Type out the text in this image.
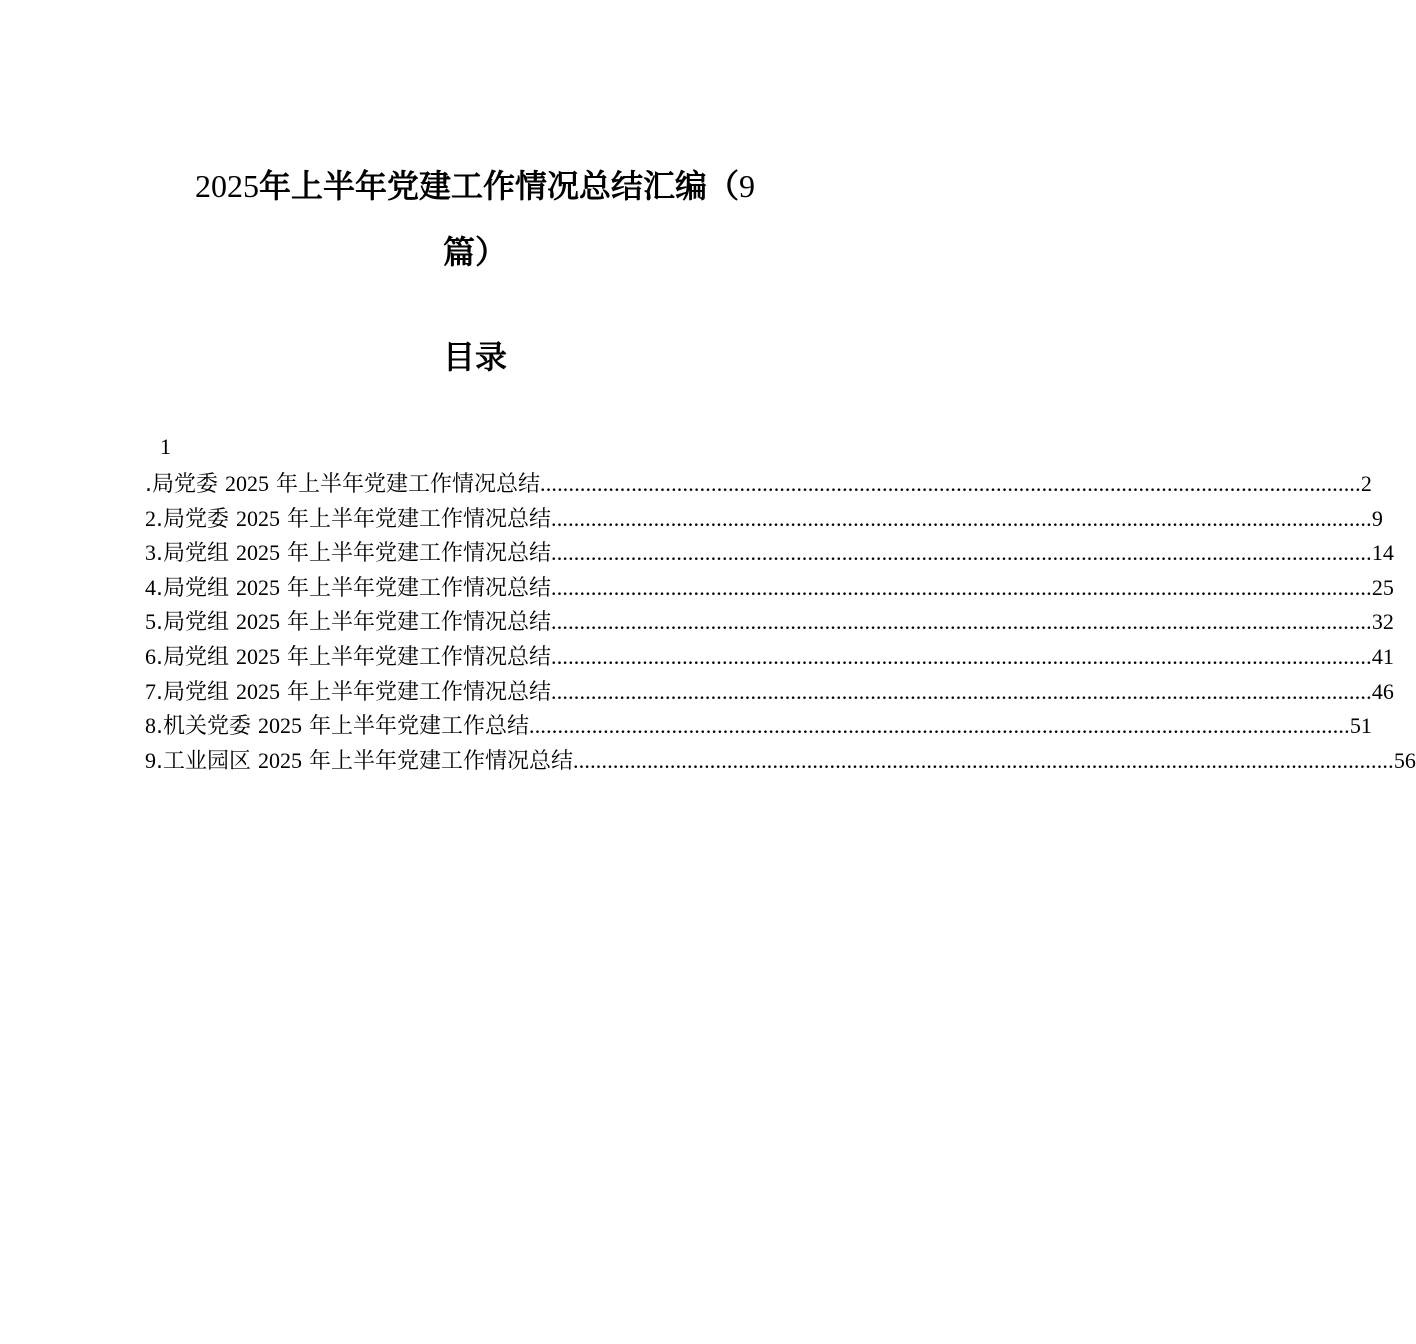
2025年上半年党建工作情况总结汇编（9
篇）
目录
1
.局党委 2025 年上半年党建工作情况总结 ................................................................................................................................................ 2
2.局党委 2025 年上半年党建工作情况总结 ................................................................................................................................................ 9
3.局党组 2025 年上半年党建工作情况总结 ................................................................................................................................................ 14
4.局党组 2025 年上半年党建工作情况总结 ................................................................................................................................................ 25
5.局党组 2025 年上半年党建工作情况总结 ................................................................................................................................................ 32
6.局党组 2025 年上半年党建工作情况总结 ................................................................................................................................................ 41
7.局党组 2025 年上半年党建工作情况总结 ................................................................................................................................................ 46
8.机关党委 2025 年上半年党建工作总结 ................................................................................................................................................ 51
9.工业园区 2025 年上半年党建工作情况总结 ................................................................................................................................................ 56
